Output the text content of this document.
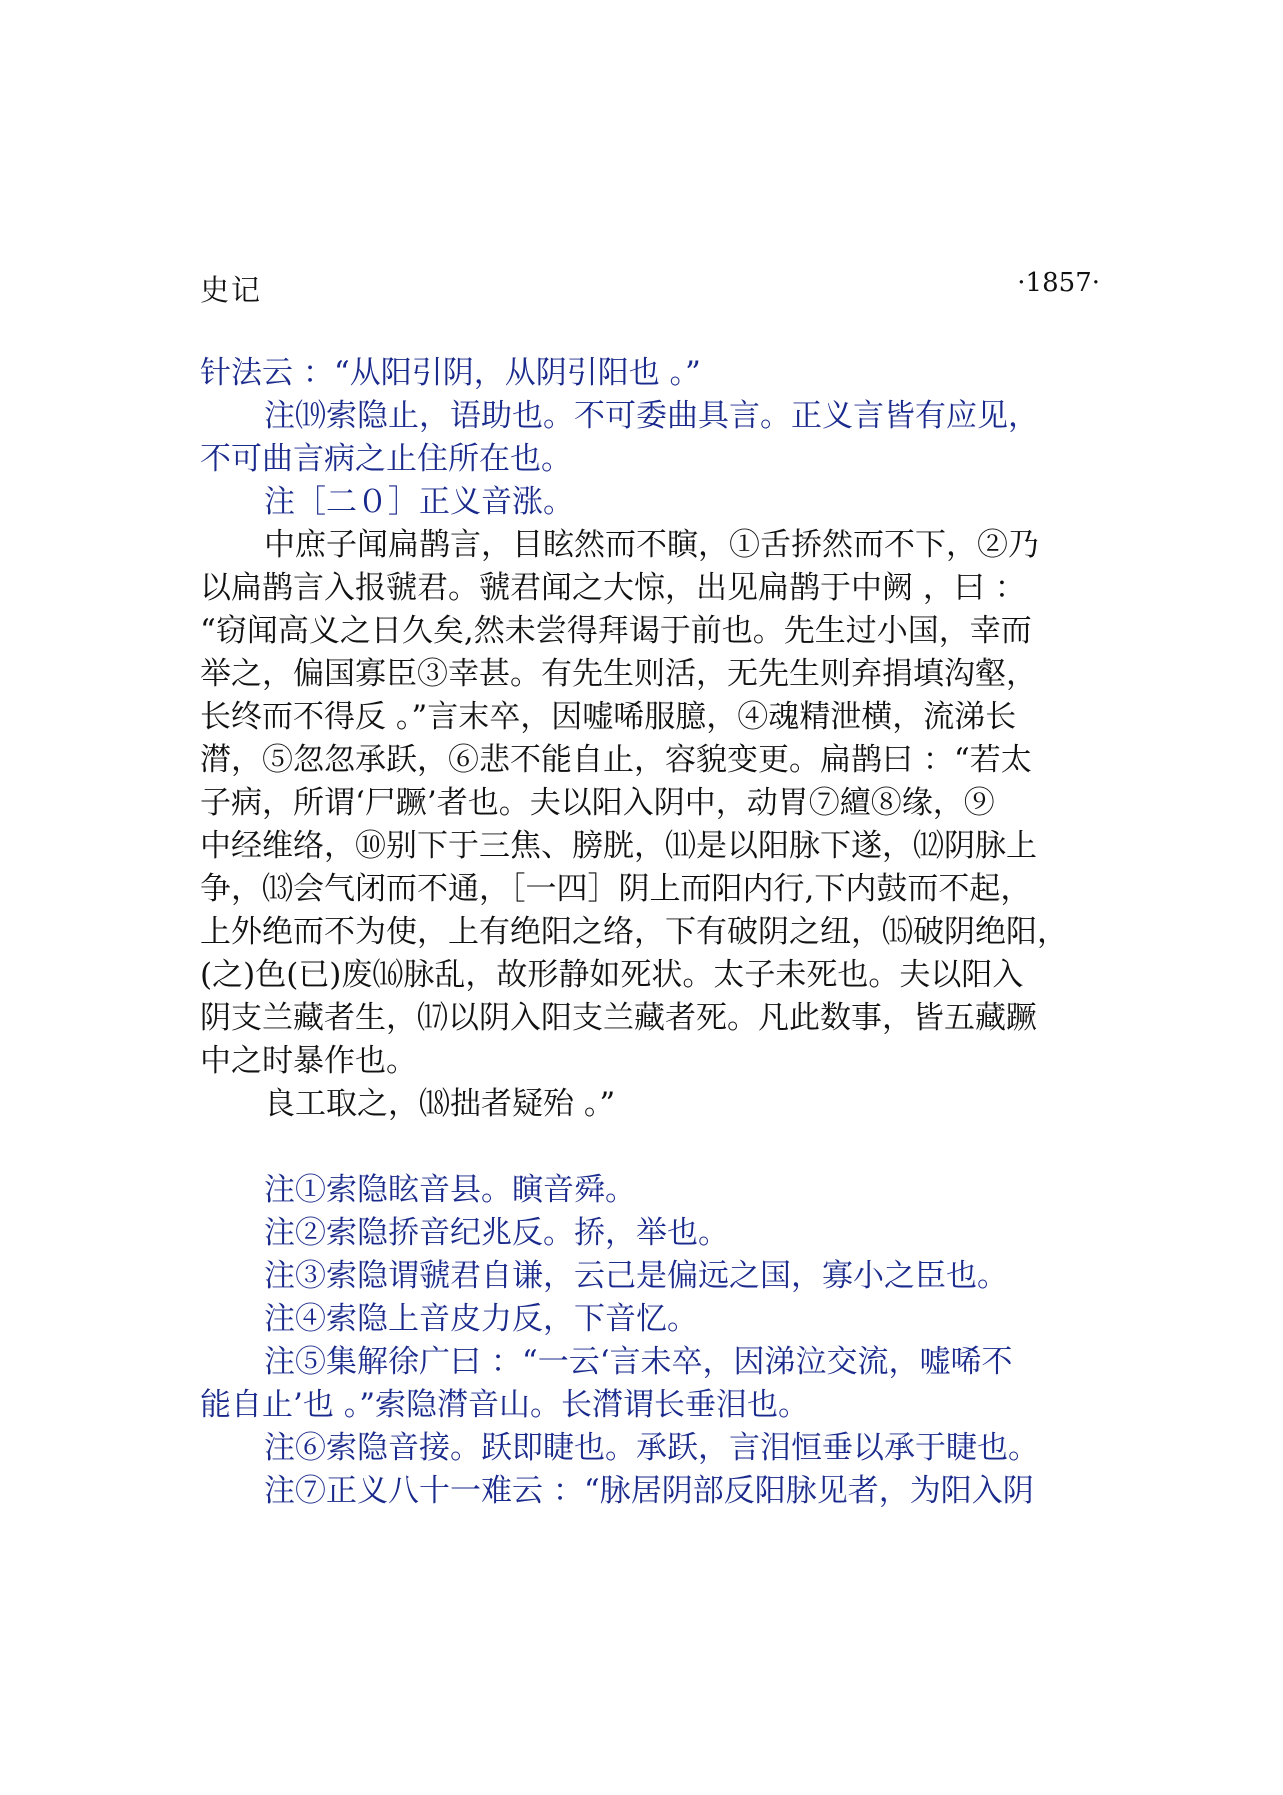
史记	·1857·
针法云 ：“从阳引阴，从阴引阳也 。”
注⒆索隐止，语助也。不可委曲具言。正义言皆有应见，
不可曲言病之止住所在也。
注［二０］正义音涨。
中庶子闻扁鹊言，目眩然而不瞚，①舌挢然而不下，②乃
以扁鹊言入报虢君。虢君闻之大惊，出见扁鹊于中阙 ，曰 ：
“窃闻高义之日久矣,然未尝得拜谒于前也。先生过小国，幸而
举之，偏国寡臣③幸甚。有先生则活，无先生则弃捐填沟壑，
长终而不得反 。”言末卒，因嘘唏服臆，④魂精泄横，流涕长
潸，⑤忽忽承跃，⑥悲不能自止，容貌变更。扁鹊曰 ：“若太
子病，所谓‘尸蹶’者也。夫以阳入阴中，动胃⑦繵⑧缘，⑨
中经维络，⑩别下于三焦、膀胱，⑾是以阳脉下遂，⑿阴脉上
争，⒀会气闭而不通，［一四］阴上而阳内行,下内鼓而不起，
上外绝而不为使，上有绝阳之络，下有破阴之纽，⒂破阴绝阳，
(之)色(已)废⒃脉乱，故形静如死状。太子未死也。夫以阳入
阴支兰藏者生，⒄以阴入阳支兰藏者死。凡此数事，皆五藏蹶
中之时暴作也。
良工取之，⒅拙者疑殆 。”
注①索隐眩音县。瞚音舜。
注②索隐挢音纪兆反。挢，举也。
注③索隐谓虢君自谦，云己是偏远之国，寡小之臣也。
注④索隐上音皮力反，下音忆。
注⑤集解徐广曰 ：“一云‘言未卒，因涕泣交流，嘘唏不
能自止’也 。”索隐潸音山。长潸谓长垂泪也。
注⑥索隐音接。跃即睫也。承跃，言泪恒垂以承于睫也。
注⑦正义八十一难云 ：“脉居阴部反阳脉见者，为阳入阴
